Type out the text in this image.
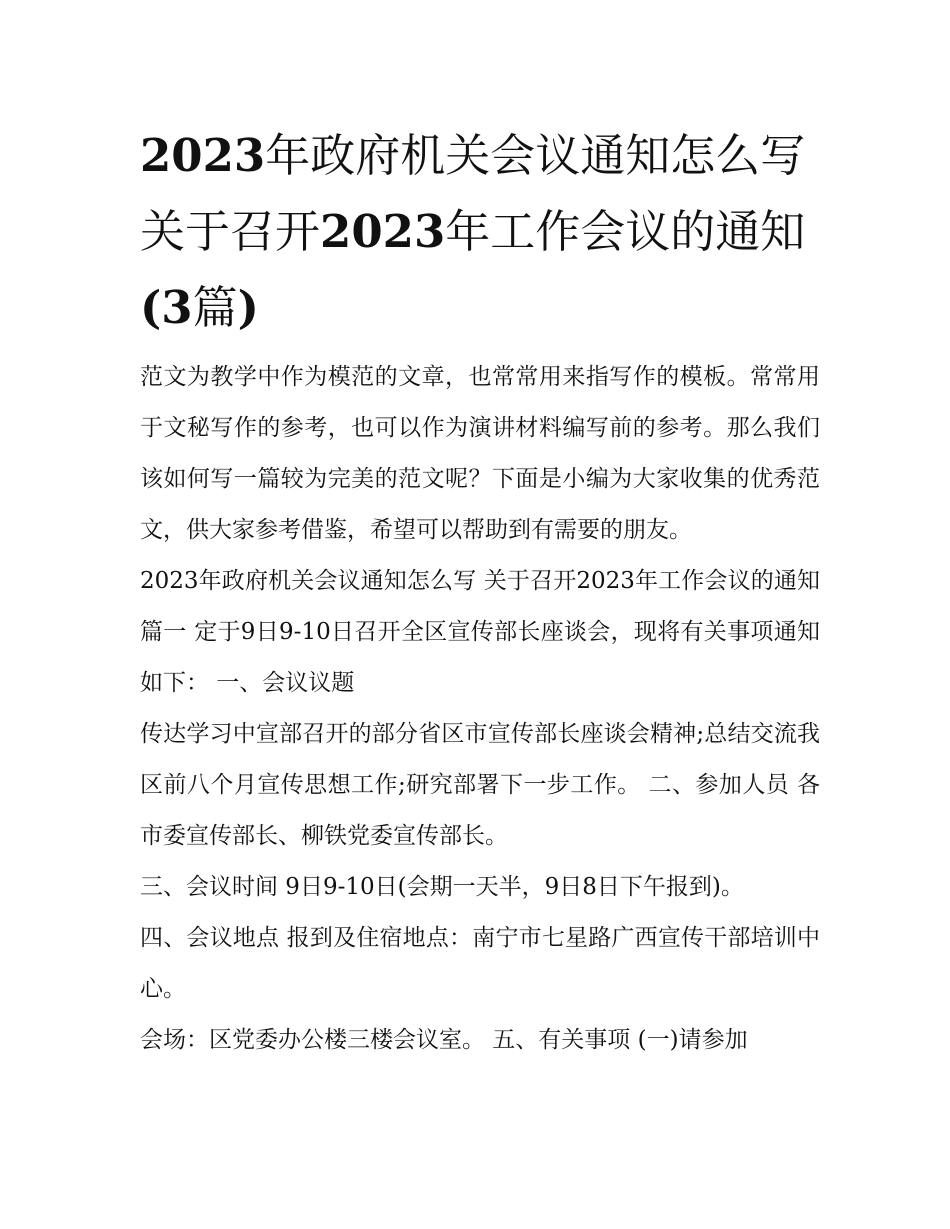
2023年政府机关会议通知怎么写 关于召开2023年工作会议的通知(3篇)

范文为教学中作为模范的文章，也常常用来指写作的模板。常常用于文秘写作的参考，也可以作为演讲材料编写前的参考。那么我们该如何写一篇较为完美的范文呢？下面是小编为大家收集的优秀范文，供大家参考借鉴，希望可以帮助到有需要的朋友。

2023年政府机关会议通知怎么写 关于召开2023年工作会议的通知篇一 定于9日9-10日召开全区宣传部长座谈会，现将有关事项通知如下： 一、会议议题

传达学习中宣部召开的部分省区市宣传部长座谈会精神;总结交流我区前八个月宣传思想工作;研究部署下一步工作。 二、参加人员 各市委宣传部长、柳铁党委宣传部长。

三、会议时间 9日9-10日(会期一天半，9日8日下午报到)。

四、会议地点 报到及住宿地点：南宁市七星路广西宣传干部培训中心。

会场：区党委办公楼三楼会议室。 五、有关事项 (一)请参加
